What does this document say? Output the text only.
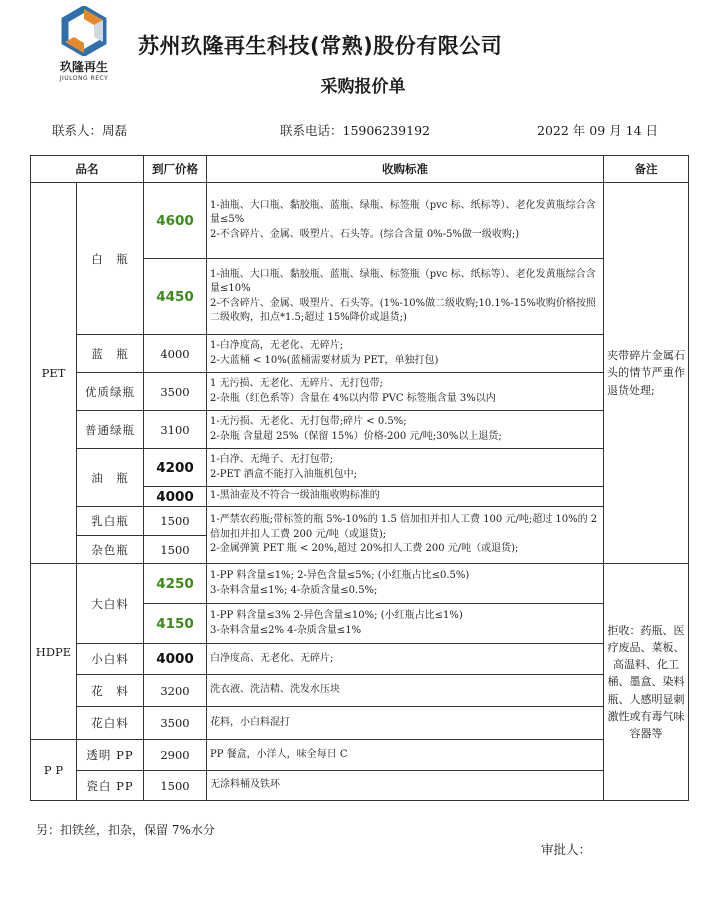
玖隆再生
JIULONG RECY
苏州玖隆再生科技(常熟)股份有限公司
采购报价单
联系人：周磊	联系电话：15906239192	2022 年 09 月 14 日
品名		到厂价格	收购标准	备注
PET	白　瓶	4600	1-油瓶、大口瓶、黏胶瓶、蓝瓶、绿瓶、标签瓶（pvc 标、纸标等）、老化发黄瓶综合含量≤5%
2-不含碎片、金属、吸塑片、石头等。(综合含量 0%-5%做一级收购;)	夹带碎片金属石头的情节严重作退货处理;
		4450	1-油瓶、大口瓶、黏胶瓶、蓝瓶、绿瓶、标签瓶（pvc 标、纸标等）、老化发黄瓶综合含量≤10%
2-不含碎片、金属、吸塑片、石头等。(1%-10%做二级收购;10.1%-15%收购价格按照二级收购，扣点*1.5;超过 15%降价或退货;)	

	蓝　瓶	4000	1-白净度高，无老化、无碎片;
2-大蓝桶 < 10%(蓝桶需要材质为 PET，单独打包)	

	优质绿瓶	3500	1 无污损、无老化、无碎片、无打包带;
2-杂瓶（红色系等）含量在 4%以内带 PVC 标签瓶含量 3%以内	

	普通绿瓶	3100	1-无污损、无老化、无打包带;碎片 < 0.5%;
2-杂瓶 含量超 25%（保留 15%）价格-200 元/吨;30%以上退货;	

	油　瓶	4200	1-白净、无绳子、无打包带;
2-PET 酒盒不能打入油瓶机包中;	

		4000	1-黑油壶及不符合一级油瓶收购标准的	

	乳白瓶	1500	1-严禁农药瓶;带标签的瓶 5%-10%的 1.5 倍加扣并扣人工费 100 元/吨;超过 10%的 2 倍加扣并扣人工费 200 元/吨（或退货);
2-金属弹簧 PET 瓶 < 20%,超过 20%扣人工费 200 元/吨（或退货);	

	杂色瓶	1500		
HDPE	大白料	4250	1-PP 料含量≤1%; 2-异色含量≤5%; (小红瓶占比≤0.5%)
3-杂料含量≤1%; 4-杂质含量≤0.5%;	拒收：药瓶、医疗废品、菜板、高温料、化工桶、墨盒、染料瓶、人感明显刺激性或有毒气味容器等
		4150	1-PP 料含量≤3% 2-异色含量≤10%; (小红瓶占比≤1%)
3-杂料含量≤2% 4-杂质含量≤1%	

	小白料	4000	白净度高、无老化、无碎片;	

	花　料	3200	洗衣液、洗洁精、洗发水压块	

	花白料	3500	花料，小白料混打	

P P	透明 PP	2900	PP 餐盒，小洋人，味全每日 C	

	瓷白 PP	1500	无涂料桶及铁环	
另：扣铁丝，扣杂，保留 7%水分
审批人：
